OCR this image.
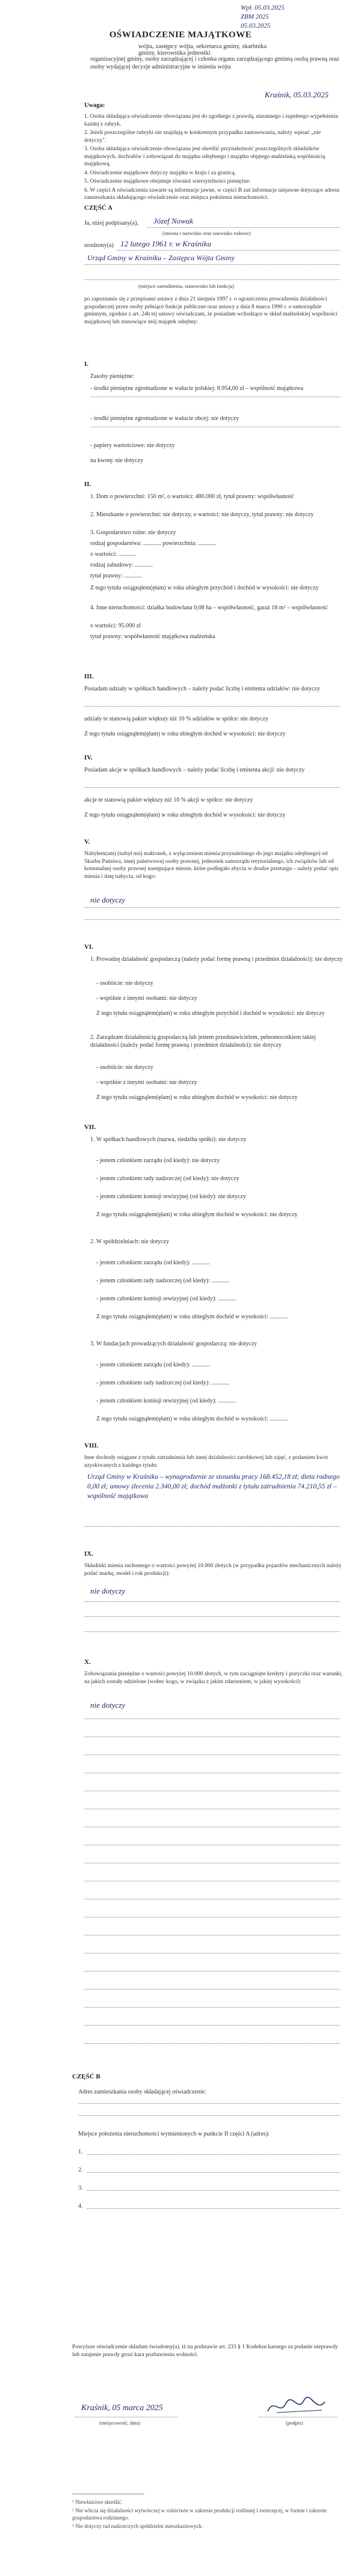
Wpł. 05.03.2025
ZBM 2025
05.03.2025
OŚWIADCZENIE MAJĄTKOWE
wójta, zastępcy wójta, sekretarza gminy, skarbnika gminy, kierownika jednostki
organizacyjnej gminy, osoby zarządzającej i członka organu zarządzającego gminną osobą prawną oraz osoby wydającej decyzje administracyjne w imieniu wójta
Kraśnik, 05.03.2025
Uwaga:

1. Osoba składająca oświadczenie obowiązana jest do zgodnego z prawdą, starannego i zupełnego wypełnienia każdej z rubryk.

2. Jeżeli poszczególne rubryki nie znajdują w konkretnym przypadku zastosowania, należy wpisać „nie dotyczy".

3. Osoba składająca oświadczenie obowiązana jest określić przynależność poszczególnych składników majątkowych, dochodów i zobowiązań do majątku odrębnego i majątku objętego małżeńską wspólnością majątkową.

4. Oświadczenie majątkowe dotyczy majątku w kraju i za granicą.

5. Oświadczenie majątkowe obejmuje również wierzytelności pieniężne.

6. W części A oświadczenia zawarte są informacje jawne, w części B zaś informacje niejawne dotyczące adresu zamieszkania składającego oświadczenie oraz miejsca położenia nieruchomości.

CZĘŚĆ A
Ja, niżej podpisany(a), Józef Nowak
(imiona i nazwisko oraz nazwisko rodowe)
urodzony(a) 12 lutego 1961 r. w Kraśniku
Urząd Gminy w Kraśniku – Zastępca Wójta Gminy
(miejsce zatrudnienia, stanowisko lub funkcja)
po zapoznaniu się z przepisami ustawy z dnia 21 sierpnia 1997 r. o ograniczeniu prowadzenia działalności gospodarczej przez osoby pełniące funkcje publiczne oraz ustawy z dnia 8 marca 1990 r. o samorządzie gminnym, zgodnie z art. 24h tej ustawy oświadczam, że posiadam wchodzące w skład małżeńskiej wspólności majątkowej lub stanowiące mój majątek odrębny:
I.
Zasoby pieniężne:
- środki pieniężne zgromadzone w walucie polskiej: 8.954,00 zł – wspólność majątkowa
- środki pieniężne zgromadzone w walucie obcej: nie dotyczy
- papiery wartościowe: nie dotyczy
na kwotę: nie dotyczy
II.
1. Dom o powierzchni: 150 m², o wartości: 480.000 zł, tytuł prawny: współwłasność
2. Mieszkanie o powierzchni: nie dotyczy, o wartości: nie dotyczy, tytuł prawny: nie dotyczy
3. Gospodarstwo rolne: nie dotyczy
rodzaj gospodarstwa: ............ powierzchnia: ............
o wartości: ............
rodzaj zabudowy: ............
tytuł prawny: ............
Z tego tytułu osiągnąłem(ęłam) w roku ubiegłym przychód i dochód w wysokości: nie dotyczy
4. Inne nieruchomości: działka budowlana 0,08 ha – współwłasność, garaż 18 m² – współwłasność
o wartości: 95.000 zł
tytuł prawny: współwłasność majątkowa małżeńska
III.
Posiadam udziały w spółkach handlowych – należy podać liczbę i emitenta udziałów: nie dotyczy
udziały te stanowią pakiet większy niż 10 % udziałów w spółce: nie dotyczy
Z tego tytułu osiągnąłem(ęłam) w roku ubiegłym dochód w wysokości: nie dotyczy
IV.
Posiadam akcje w spółkach handlowych – należy podać liczbę i emitenta akcji: nie dotyczy
akcje te stanowią pakiet większy niż 10 % akcji w spółce: nie dotyczy
Z tego tytułu osiągnąłem(ęłam) w roku ubiegłym dochód w wysokości: nie dotyczy
V.
Nabyłem(am) (nabył mój małżonek, z wyłączeniem mienia przynależnego do jego majątku odrębnego) od Skarbu Państwa, innej państwowej osoby prawnej, jednostek samorządu terytorialnego, ich związków lub od komunalnej osoby prawnej następujące mienie, które podlegało zbyciu w drodze przetargu – należy podać opis mienia i datę nabycia, od kogo:
nie dotyczy
VI.
1. Prowadzę działalność gospodarczą (należy podać formę prawną i przedmiot działalności): nie dotyczy
- osobiście: nie dotyczy
- wspólnie z innymi osobami: nie dotyczy
Z tego tytułu osiągnąłem(ęłam) w roku ubiegłym przychód i dochód w wysokości: nie dotyczy
2. Zarządzam działalnością gospodarczą lub jestem przedstawicielem, pełnomocnikiem takiej działalności (należy podać formę prawną i przedmiot działalności): nie dotyczy
- osobiście: nie dotyczy
- wspólnie z innymi osobami: nie dotyczy
Z tego tytułu osiągnąłem(ęłam) w roku ubiegłym dochód w wysokości: nie dotyczy
VII.
1. W spółkach handlowych (nazwa, siedziba spółki): nie dotyczy
- jestem członkiem zarządu (od kiedy): nie dotyczy
- jestem członkiem rady nadzorczej (od kiedy): nie dotyczy
- jestem członkiem komisji rewizyjnej (od kiedy): nie dotyczy
Z tego tytułu osiągnąłem(ęłam) w roku ubiegłym dochód w wysokości: nie dotyczy
2. W spółdzielniach: nie dotyczy
- jestem członkiem zarządu (od kiedy): ............
- jestem członkiem rady nadzorczej (od kiedy): ............
- jestem członkiem komisji rewizyjnej (od kiedy): ............
Z tego tytułu osiągnąłem(ęłam) w roku ubiegłym dochód w wysokości: ............
3. W fundacjach prowadzących działalność gospodarczą: nie dotyczy
- jestem członkiem zarządu (od kiedy): ............
- jestem członkiem rady nadzorczej (od kiedy): ............
- jestem członkiem komisji rewizyjnej (od kiedy): ............
Z tego tytułu osiągnąłem(ęłam) w roku ubiegłym dochód w wysokości: ............
VIII.
Inne dochody osiągane z tytułu zatrudnienia lub innej działalności zarobkowej lub zajęć, z podaniem kwot uzyskiwanych z każdego tytułu:
Urząd Gminy w Kraśniku – wynagrodzenie ze stosunku pracy 168.452,18 zł; dieta radnego 0,00 zł; umowy zlecenia 2.340,00 zł; dochód małżonki z tytułu zatrudnienia 74.210,55 zł – wspólność majątkowa
IX.
Składniki mienia ruchomego o wartości powyżej 10.000 złotych (w przypadku pojazdów mechanicznych należy podać markę, model i rok produkcji):
nie dotyczy
X.
Zobowiązania pieniężne o wartości powyżej 10.000 złotych, w tym zaciągnięte kredyty i pożyczki oraz warunki, na jakich zostały udzielone (wobec kogo, w związku z jakim zdarzeniem, w jakiej wysokości):
nie dotyczy
CZĘŚĆ B
Adres zamieszkania osoby składającej oświadczenie:
Miejsce położenia nieruchomości wymienionych w punkcie II części A (adres):
1.
2.
3.
4.
Powyższe oświadczenie składam świadomy(a), iż na podstawie art. 233 § 1 Kodeksu karnego za podanie nieprawdy lub zatajenie prawdy grozi kara pozbawienia wolności.
Kraśnik, 05 marca 2025
(miejscowość, data)	(podpis)
¹ Niewłaściwe skreślić.
² Nie wlicza się działalności wytwórczej w rolnictwie w zakresie produkcji roślinnej i zwierzęcej, w formie i zakresie gospodarstwa rodzinnego.
³ Nie dotyczy rad nadzorczych spółdzielni mieszkaniowych.
